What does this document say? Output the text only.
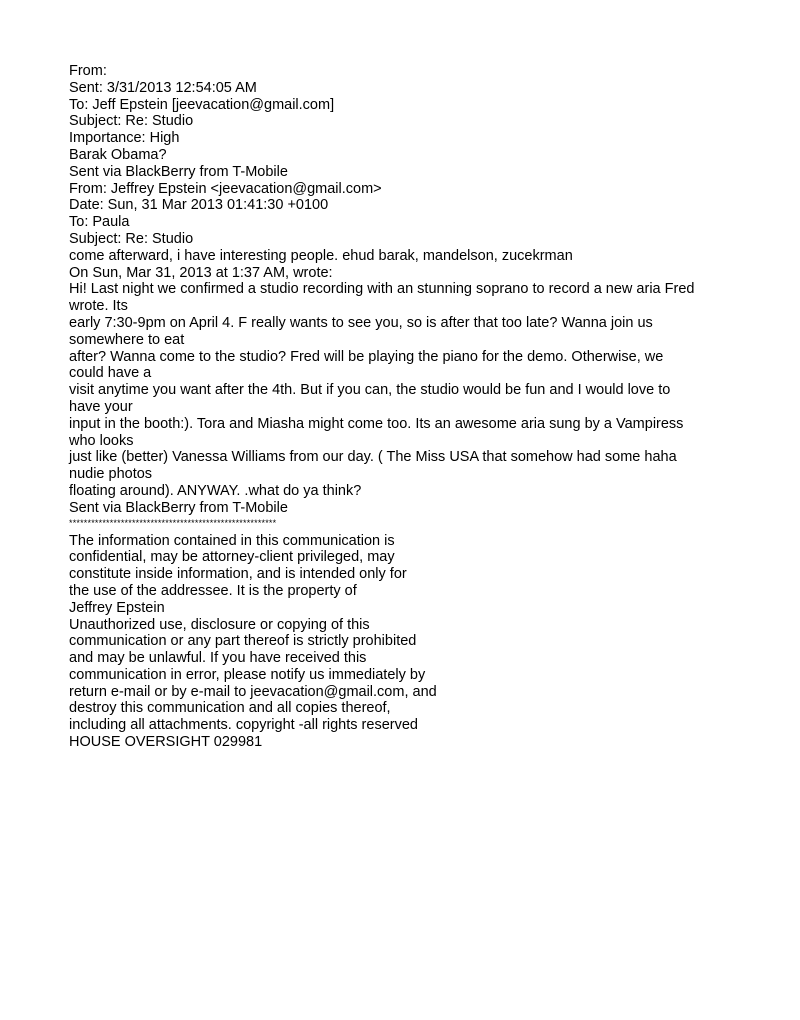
From:
Sent: 3/31/2013 12:54:05 AM
To: Jeff Epstein [jeevacation@gmail.com]
Subject: Re: Studio
Importance: High
Barak Obama?
Sent via BlackBerry from T-Mobile
From: Jeffrey Epstein <jeevacation@gmail.com>
Date: Sun, 31 Mar 2013 01:41:30 +0100
To: Paula
Subject: Re: Studio
come afterward, i have interesting people. ehud barak, mandelson, zucekrman
On Sun, Mar 31, 2013 at 1:37 AM, wrote:
Hi! Last night we confirmed a studio recording with an stunning soprano to record a new aria Fred
wrote. Its
early 7:30-9pm on April 4. F really wants to see you, so is after that too late? Wanna join us
somewhere to eat
after? Wanna come to the studio? Fred will be playing the piano for the demo. Otherwise, we
could have a
visit anytime you want after the 4th. But if you can, the studio would be fun and I would love to
have your
input in the booth:). Tora and Miasha might come too. Its an awesome aria sung by a Vampiress
who looks
just like (better) Vanessa Williams from our day. ( The Miss USA that somehow had some haha
nudie photos
floating around). ANYWAY. .what do ya think?
Sent via BlackBerry from T-Mobile
********************************************************
The information contained in this communication is
confidential, may be attorney-client privileged, may
constitute inside information, and is intended only for
the use of the addressee. It is the property of
Jeffrey Epstein
Unauthorized use, disclosure or copying of this
communication or any part thereof is strictly prohibited
and may be unlawful. If you have received this
communication in error, please notify us immediately by
return e-mail or by e-mail to jeevacation@gmail.com, and
destroy this communication and all copies thereof,
including all attachments. copyright -all rights reserved
HOUSE OVERSIGHT 029981
